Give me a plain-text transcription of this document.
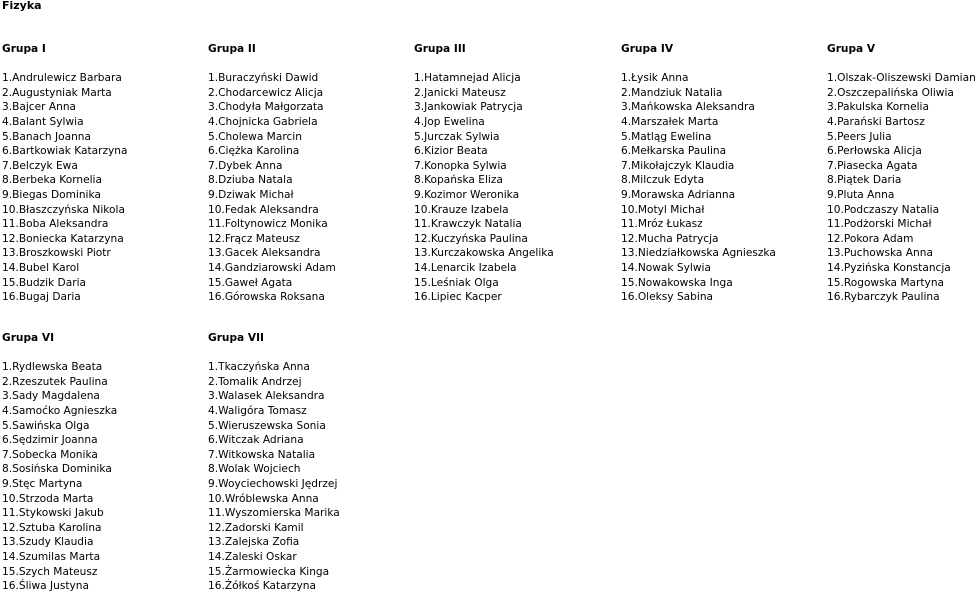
Fizyka
Grupa I
1.Andrulewicz Barbara
2.Augustyniak Marta
3.Bajcer Anna
4.Balant Sylwia
5.Banach Joanna
6.Bartkowiak Katarzyna
7.Belczyk Ewa
8.Berbeka Kornelia
9.Biegas Dominika
10.Błaszczyńska Nikola
11.Boba Aleksandra
12.Boniecka Katarzyna
13.Broszkowski Piotr
14.Bubel Karol
15.Budzik Daria
16.Bugaj Daria
Grupa II
1.Buraczyński Dawid
2.Chodarcewicz Alicja
3.Chodyła Małgorzata
4.Chojnicka Gabriela
5.Cholewa Marcin
6.Ciężka Karolina
7.Dybek Anna
8.Dziuba Natala
9.Dziwak Michał
10.Fedak Aleksandra
11.Foltynowicz Monika
12.Frącz Mateusz
13.Gacek Aleksandra
14.Gandziarowski Adam
15.Gaweł Agata
16.Górowska Roksana
Grupa III
1.Hatamnejad Alicja
2.Janicki Mateusz
3.Jankowiak Patrycja
4.Jop Ewelina
5.Jurczak Sylwia
6.Kizior Beata
7.Konopka Sylwia
8.Kopańska Eliza
9.Kozimor Weronika
10.Krauze Izabela
11.Krawczyk Natalia
12.Kuczyńska Paulina
13.Kurczakowska Angelika
14.Lenarcik Izabela
15.Leśniak Olga
16.Lipiec Kacper
Grupa IV
1.Łysik Anna
2.Mandziuk Natalia
3.Mańkowska Aleksandra
4.Marszałek Marta
5.Matląg Ewelina
6.Mełkarska Paulina
7.Mikołajczyk Klaudia
8.Milczuk Edyta
9.Morawska Adrianna
10.Motyl Michał
11.Mróz Łukasz
12.Mucha Patrycja
13.Niedziałkowska Agnieszka
14.Nowak Sylwia
15.Nowakowska Inga
16.Oleksy Sabina
Grupa V
1.Olszak-Oliszewski Damian
2.Oszczepalińska Oliwia
3.Pakulska Kornelia
4.Parański Bartosz
5.Peers Julia
6.Perłowska Alicja
7.Piasecka Agata
8.Piątek Daria
9.Pluta Anna
10.Podczaszy Natalia
11.Podżorski Michał
12.Pokora Adam
13.Puchowska Anna
14.Pyzińska Konstancja
15.Rogowska Martyna
16.Rybarczyk Paulina
Grupa VI
1.Rydlewska Beata
2.Rzeszutek Paulina
3.Sady Magdalena
4.Samoćko Agnieszka
5.Sawińska Olga
6.Sędzimir Joanna
7.Sobecka Monika
8.Sosińska Dominika
9.Stęc Martyna
10.Strzoda Marta
11.Stykowski Jakub
12.Sztuba Karolina
13.Szudy Klaudia
14.Szumilas Marta
15.Szych Mateusz
16.Śliwa Justyna
Grupa VII
1.Tkaczyńska Anna
2.Tomalik Andrzej
3.Walasek Aleksandra
4.Waligóra Tomasz
5.Wieruszewska Sonia
6.Witczak Adriana
7.Witkowska Natalia
8.Wolak Wojciech
9.Woyciechowski Jędrzej
10.Wróblewska Anna
11.Wyszomierska Marika
12.Zadorski Kamil
13.Zalejska Zofia
14.Zaleski Oskar
15.Żarmowiecka Kinga
16.Żółkoś Katarzyna
